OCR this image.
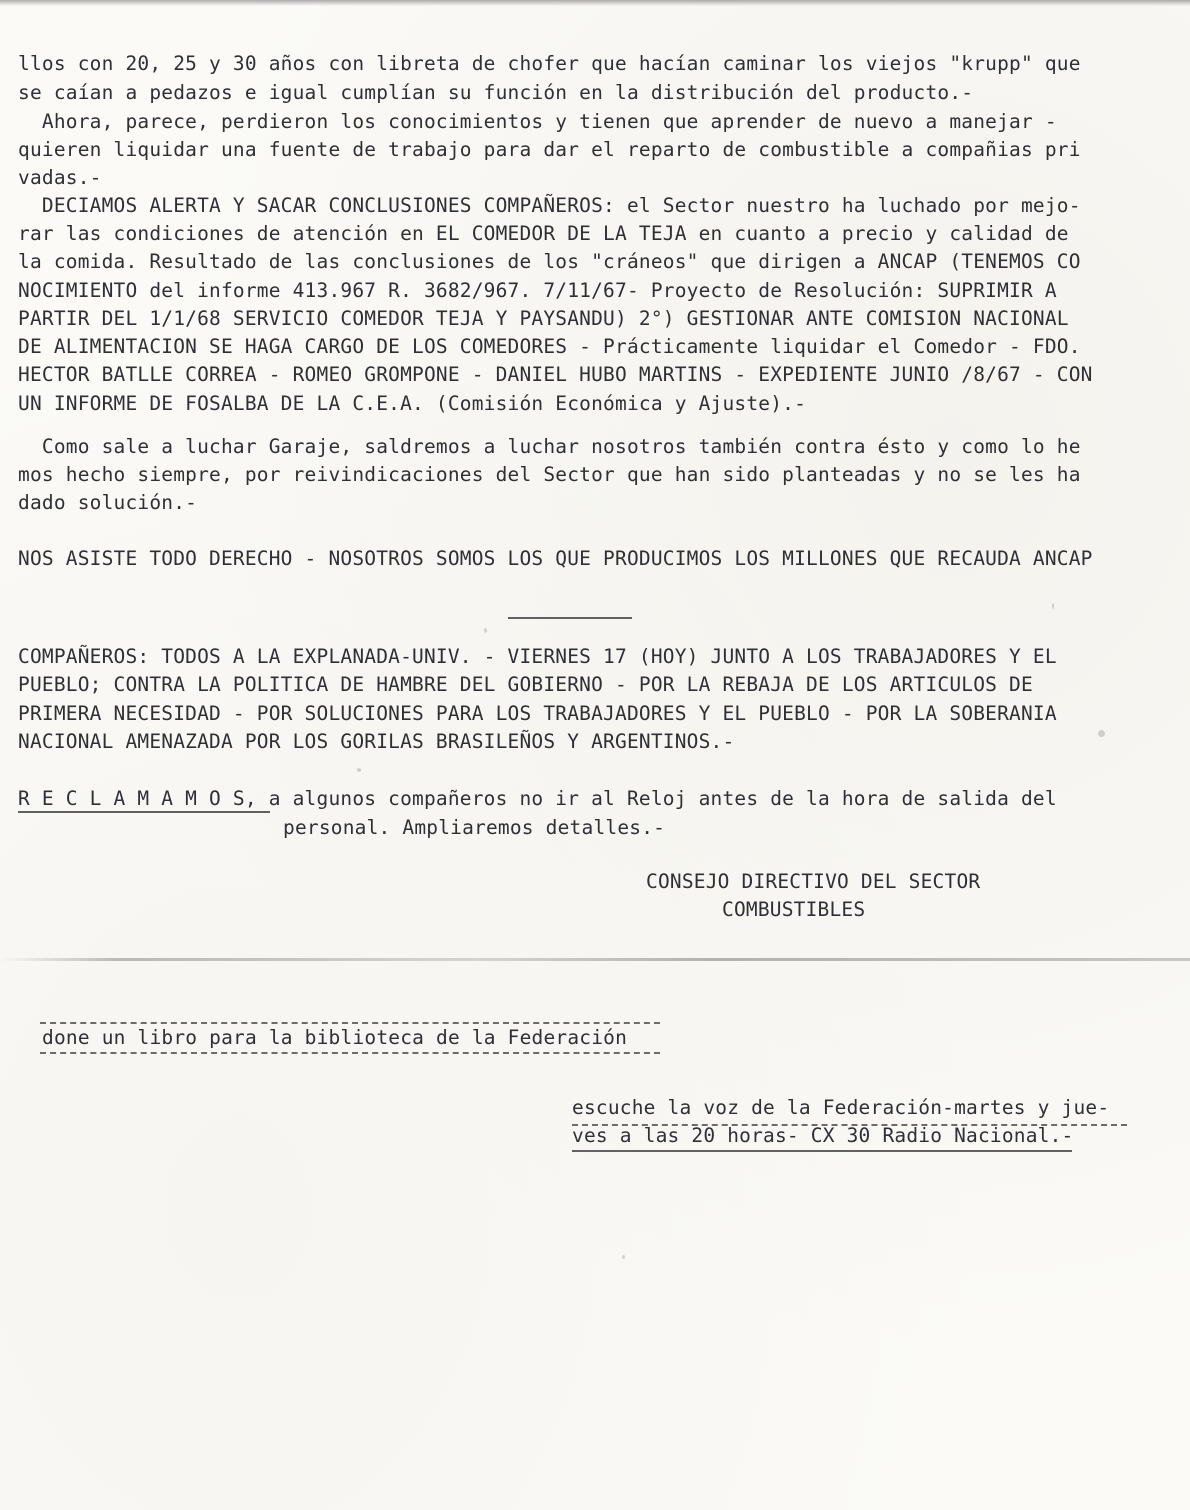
llos con 20, 25 y 30 años con libreta de chofer que hacían caminar los viejos "krupp" que
se caían a pedazos e igual cumplían su función en la distribución del producto.-
Ahora, parece, perdieron los conocimientos y tienen que aprender de nuevo a manejar -
quieren liquidar una fuente de trabajo para dar el reparto de combustible a compañias pri
vadas.-
DECIAMOS ALERTA Y SACAR CONCLUSIONES COMPAÑEROS: el Sector nuestro ha luchado por mejo-
rar las condiciones de atención en EL COMEDOR DE LA TEJA en cuanto a precio y calidad de
la comida. Resultado de las conclusiones de los "cráneos" que dirigen a ANCAP (TENEMOS CO
NOCIMIENTO del informe 413.967 R. 3682/967. 7/11/67- Proyecto de Resolución: SUPRIMIR A
PARTIR DEL 1/1/68 SERVICIO COMEDOR TEJA Y PAYSANDU) 2°) GESTIONAR ANTE COMISION NACIONAL
DE ALIMENTACION SE HAGA CARGO DE LOS COMEDORES - Prácticamente liquidar el Comedor - FDO.
HECTOR BATLLE CORREA - ROMEO GROMPONE - DANIEL HUBO MARTINS - EXPEDIENTE JUNIO /8/67 - CON
UN INFORME DE FOSALBA DE LA C.E.A. (Comisión Económica y Ajuste).-
Como sale a luchar Garaje, saldremos a luchar nosotros también contra ésto y como lo he
mos hecho siempre, por reivindicaciones del Sector que han sido planteadas y no se les ha
dado solución.-
NOS ASISTE TODO DERECHO - NOSOTROS SOMOS LOS QUE PRODUCIMOS LOS MILLONES QUE RECAUDA ANCAP
COMPAÑEROS: TODOS A LA EXPLANADA-UNIV. - VIERNES 17 (HOY) JUNTO A LOS TRABAJADORES Y EL
PUEBLO; CONTRA LA POLITICA DE HAMBRE DEL GOBIERNO - POR LA REBAJA DE LOS ARTICULOS DE
PRIMERA NECESIDAD - POR SOLUCIONES PARA LOS TRABAJADORES Y EL PUEBLO - POR LA SOBERANIA
NACIONAL AMENAZADA POR LOS GORILAS BRASILEÑOS Y ARGENTINOS.-
R E C L A M A M O S, a algunos compañeros no ir al Reloj antes de la hora de salida del
personal. Ampliaremos detalles.-
CONSEJO DIRECTIVO DEL SECTOR
COMBUSTIBLES
done un libro para la biblioteca de la Federación
escuche la voz de la Federación-martes y jue-
ves a las 20 horas- CX 30 Radio Nacional.-
